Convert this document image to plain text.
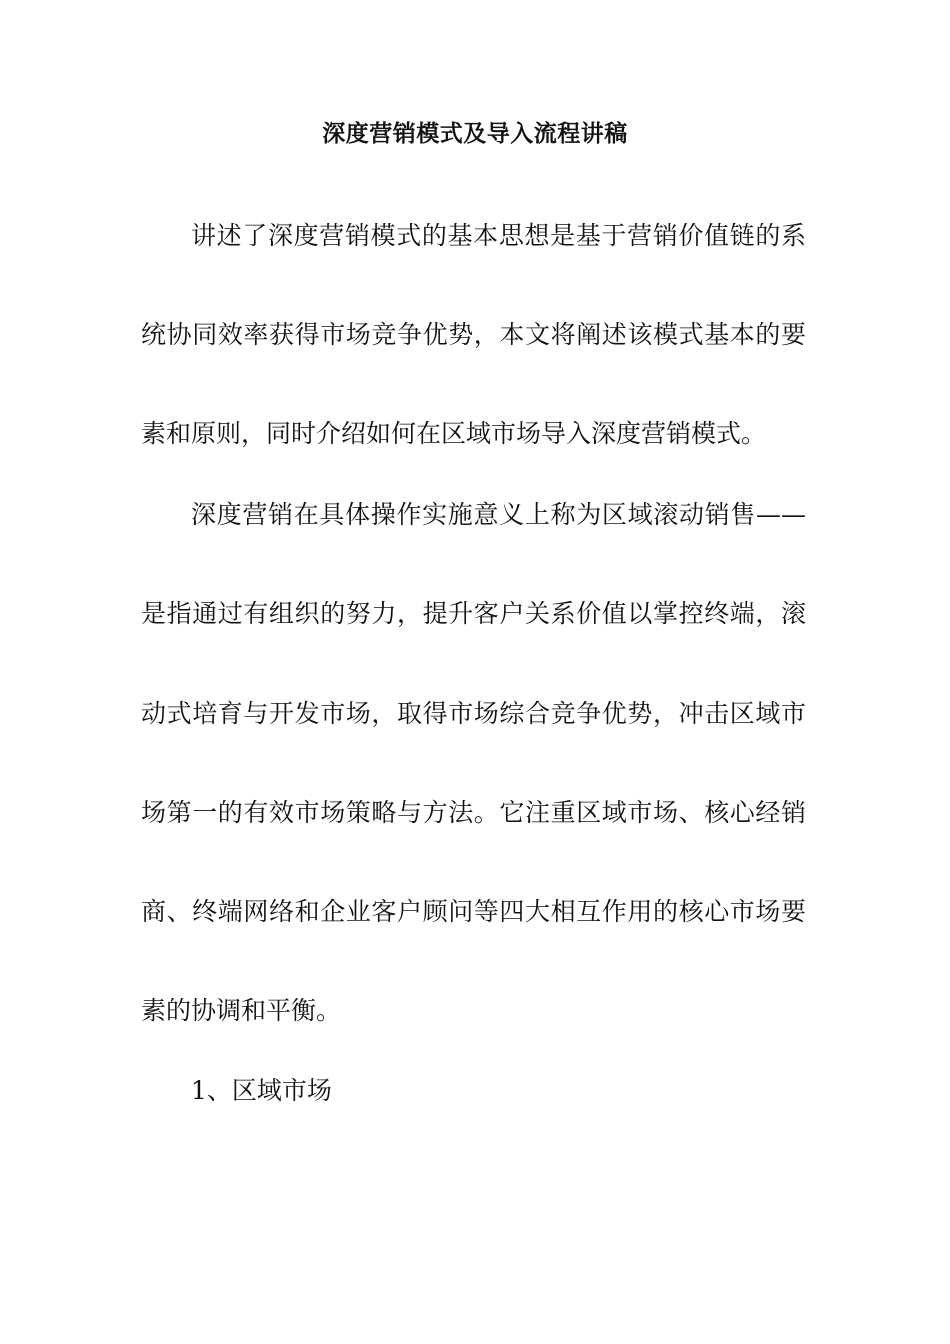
深度营销模式及导入流程讲稿
讲述了深度营销模式的基本思想是基于营销价值链的系
统协同效率获得市场竞争优势，本文将阐述该模式基本的要
素和原则，同时介绍如何在区域市场导入深度营销模式。
深度营销在具体操作实施意义上称为区域滚动销售——
是指通过有组织的努力，提升客户关系价值以掌控终端，滚
动式培育与开发市场，取得市场综合竞争优势，冲击区域市
场第一的有效市场策略与方法。它注重区域市场、核心经销
商、终端网络和企业客户顾问等四大相互作用的核心市场要
素的协调和平衡。
1、区域市场
